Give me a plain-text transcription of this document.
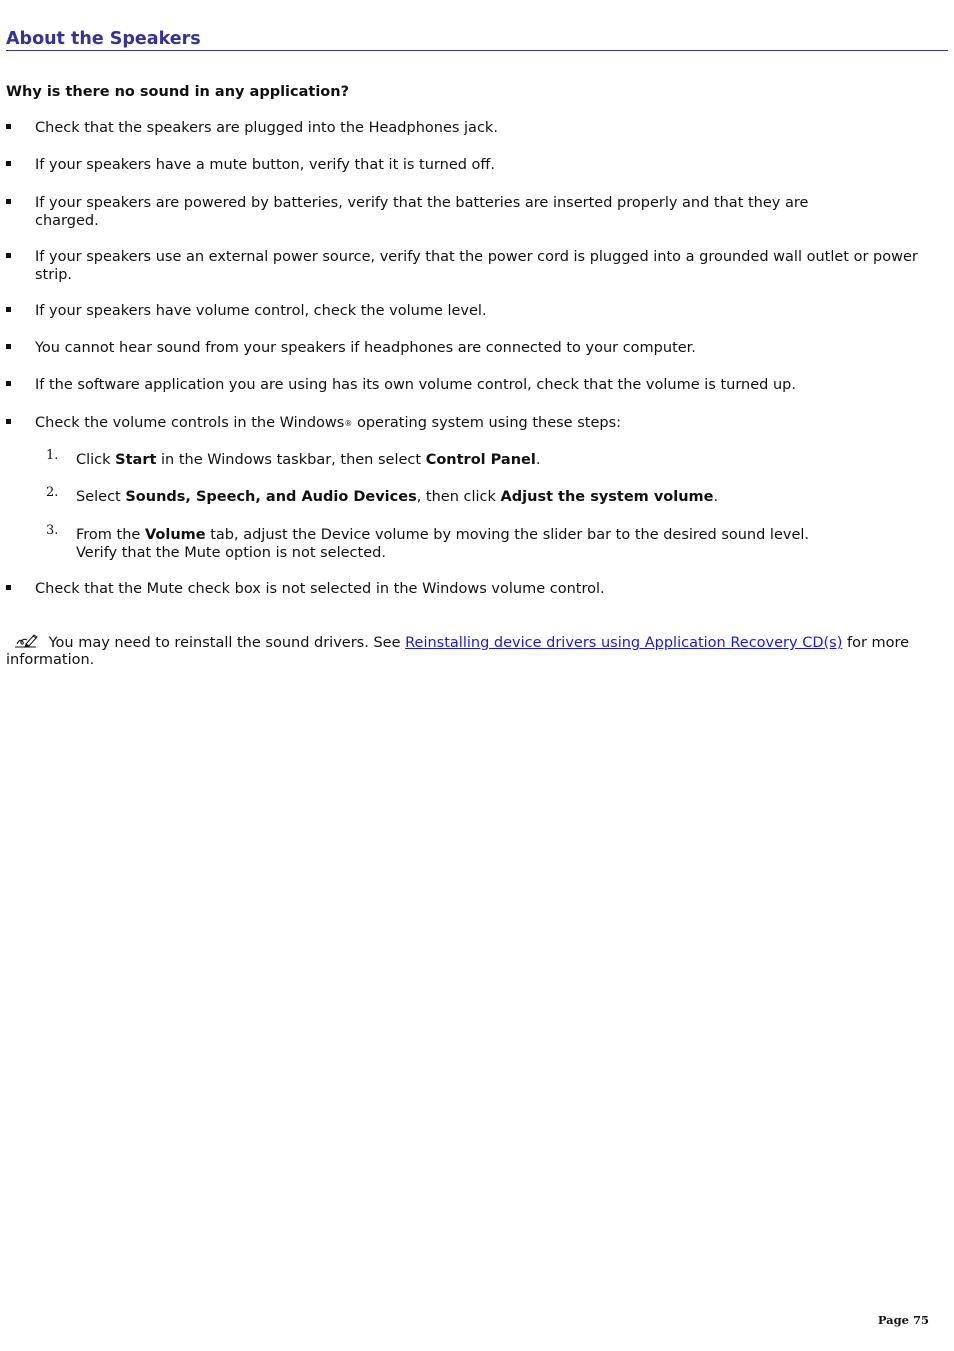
About the Speakers
Why is there no sound in any application?
Check that the speakers are plugged into the Headphones jack.
If your speakers have a mute button, verify that it is turned off.
If your speakers are powered by batteries, verify that the batteries are inserted properly and that they are charged.
If your speakers use an external power source, verify that the power cord is plugged into a grounded wall outlet or power strip.
If your speakers have volume control, check the volume level.
You cannot hear sound from your speakers if headphones are connected to your computer.
If the software application you are using has its own volume control, check that the volume is turned up.
Check the volume controls in the Windows® operating system using these steps:
1. Click Start in the Windows taskbar, then select Control Panel.
2. Select Sounds, Speech, and Audio Devices, then click Adjust the system volume.
3. From the Volume tab, adjust the Device volume by moving the slider bar to the desired sound level.
Verify that the Mute option is not selected.
Check that the Mute check box is not selected in the Windows volume control.
You may need to reinstall the sound drivers. See Reinstalling device drivers using Application Recovery CD(s) for more information.
Page 75
